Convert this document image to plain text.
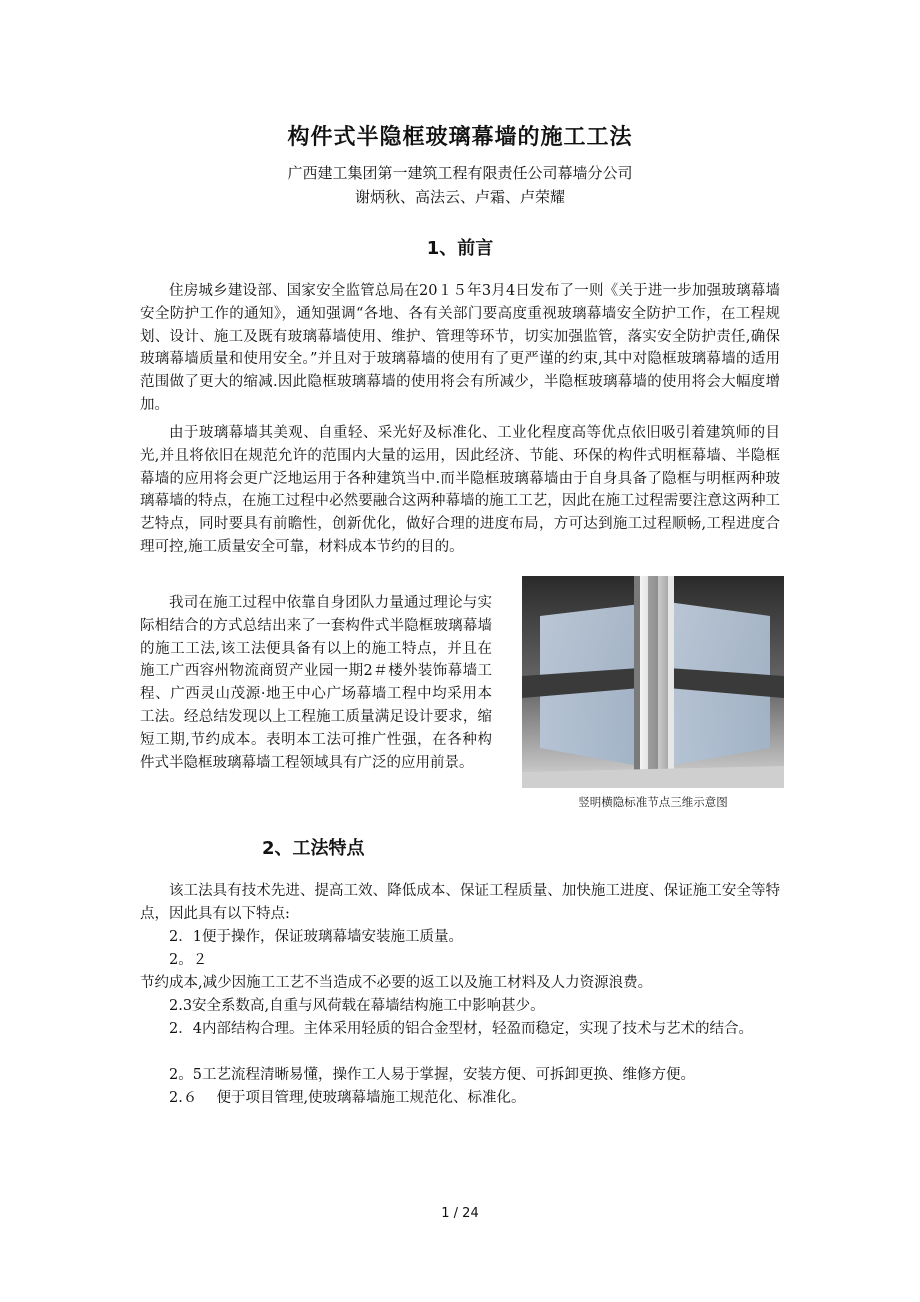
构件式半隐框玻璃幕墙的施工工法
广西建工集团第一建筑工程有限责任公司幕墙分公司
谢炳秋、高法云、卢霜、卢荣耀
1、前言

住房城乡建设部、国家安全监管总局在20１５年3月4日发布了一则《关于进一步加强玻璃幕墙安全防护工作的通知》，通知强调“各地、各有关部门要高度重视玻璃幕墙安全防护工作，在工程规划、设计、施工及既有玻璃幕墙使用、维护、管理等环节，切实加强监管，落实安全防护责任,确保玻璃幕墙质量和使用安全。”并且对于玻璃幕墙的使用有了更严谨的约束,其中对隐框玻璃幕墙的适用范围做了更大的缩减.因此隐框玻璃幕墙的使用将会有所减少，半隐框玻璃幕墙的使用将会大幅度增加。

由于玻璃幕墙其美观、自重轻、采光好及标准化、工业化程度高等优点依旧吸引着建筑师的目光,并且将依旧在规范允许的范围内大量的运用，因此经济、节能、环保的构件式明框幕墙、半隐框幕墙的应用将会更广泛地运用于各种建筑当中.而半隐框玻璃幕墙由于自身具备了隐框与明框两种玻璃幕墙的特点，在施工过程中必然要融合这两种幕墙的施工工艺，因此在施工过程需要注意这两种工艺特点，同时要具有前瞻性，创新优化，做好合理的进度布局，方可达到施工过程顺畅,工程进度合理可控,施工质量安全可靠，材料成本节约的目的。

我司在施工过程中依靠自身团队力量通过理论与实际相结合的方式总结出来了一套构件式半隐框玻璃幕墙的施工工法,该工法便具备有以上的施工特点，并且在施工广西容州物流商贸产业园一期2＃楼外装饰幕墙工程、广西灵山茂源·地王中心广场幕墙工程中均采用本工法。经总结发现以上工程施工质量满足设计要求，缩短工期,节约成本。表明本工法可推广性强，在各种构件式半隐框玻璃幕墙工程领域具有广泛的应用前景。

竖明横隐标准节点三维示意图
2、工法特点

该工法具有技术先进、提高工效、降低成本、保证工程质量、加快施工进度、保证施工安全等特点，因此具有以下特点:

2．1便于操作，保证玻璃幕墙安装施工质量。

2。２

节约成本,减少因施工工艺不当造成不必要的返工以及施工材料及人力资源浪费。

2.3安全系数高,自重与风荷载在幕墙结构施工中影响甚少。

2．4内部结构合理。主体采用轻质的铝合金型材，轻盈而稳定，实现了技术与艺术的结合。

2。5工艺流程清晰易懂，操作工人易于掌握，安装方便、可拆卸更换、维修方便。

2.６　 便于项目管理,使玻璃幕墙施工规范化、标准化。

1 / 24
